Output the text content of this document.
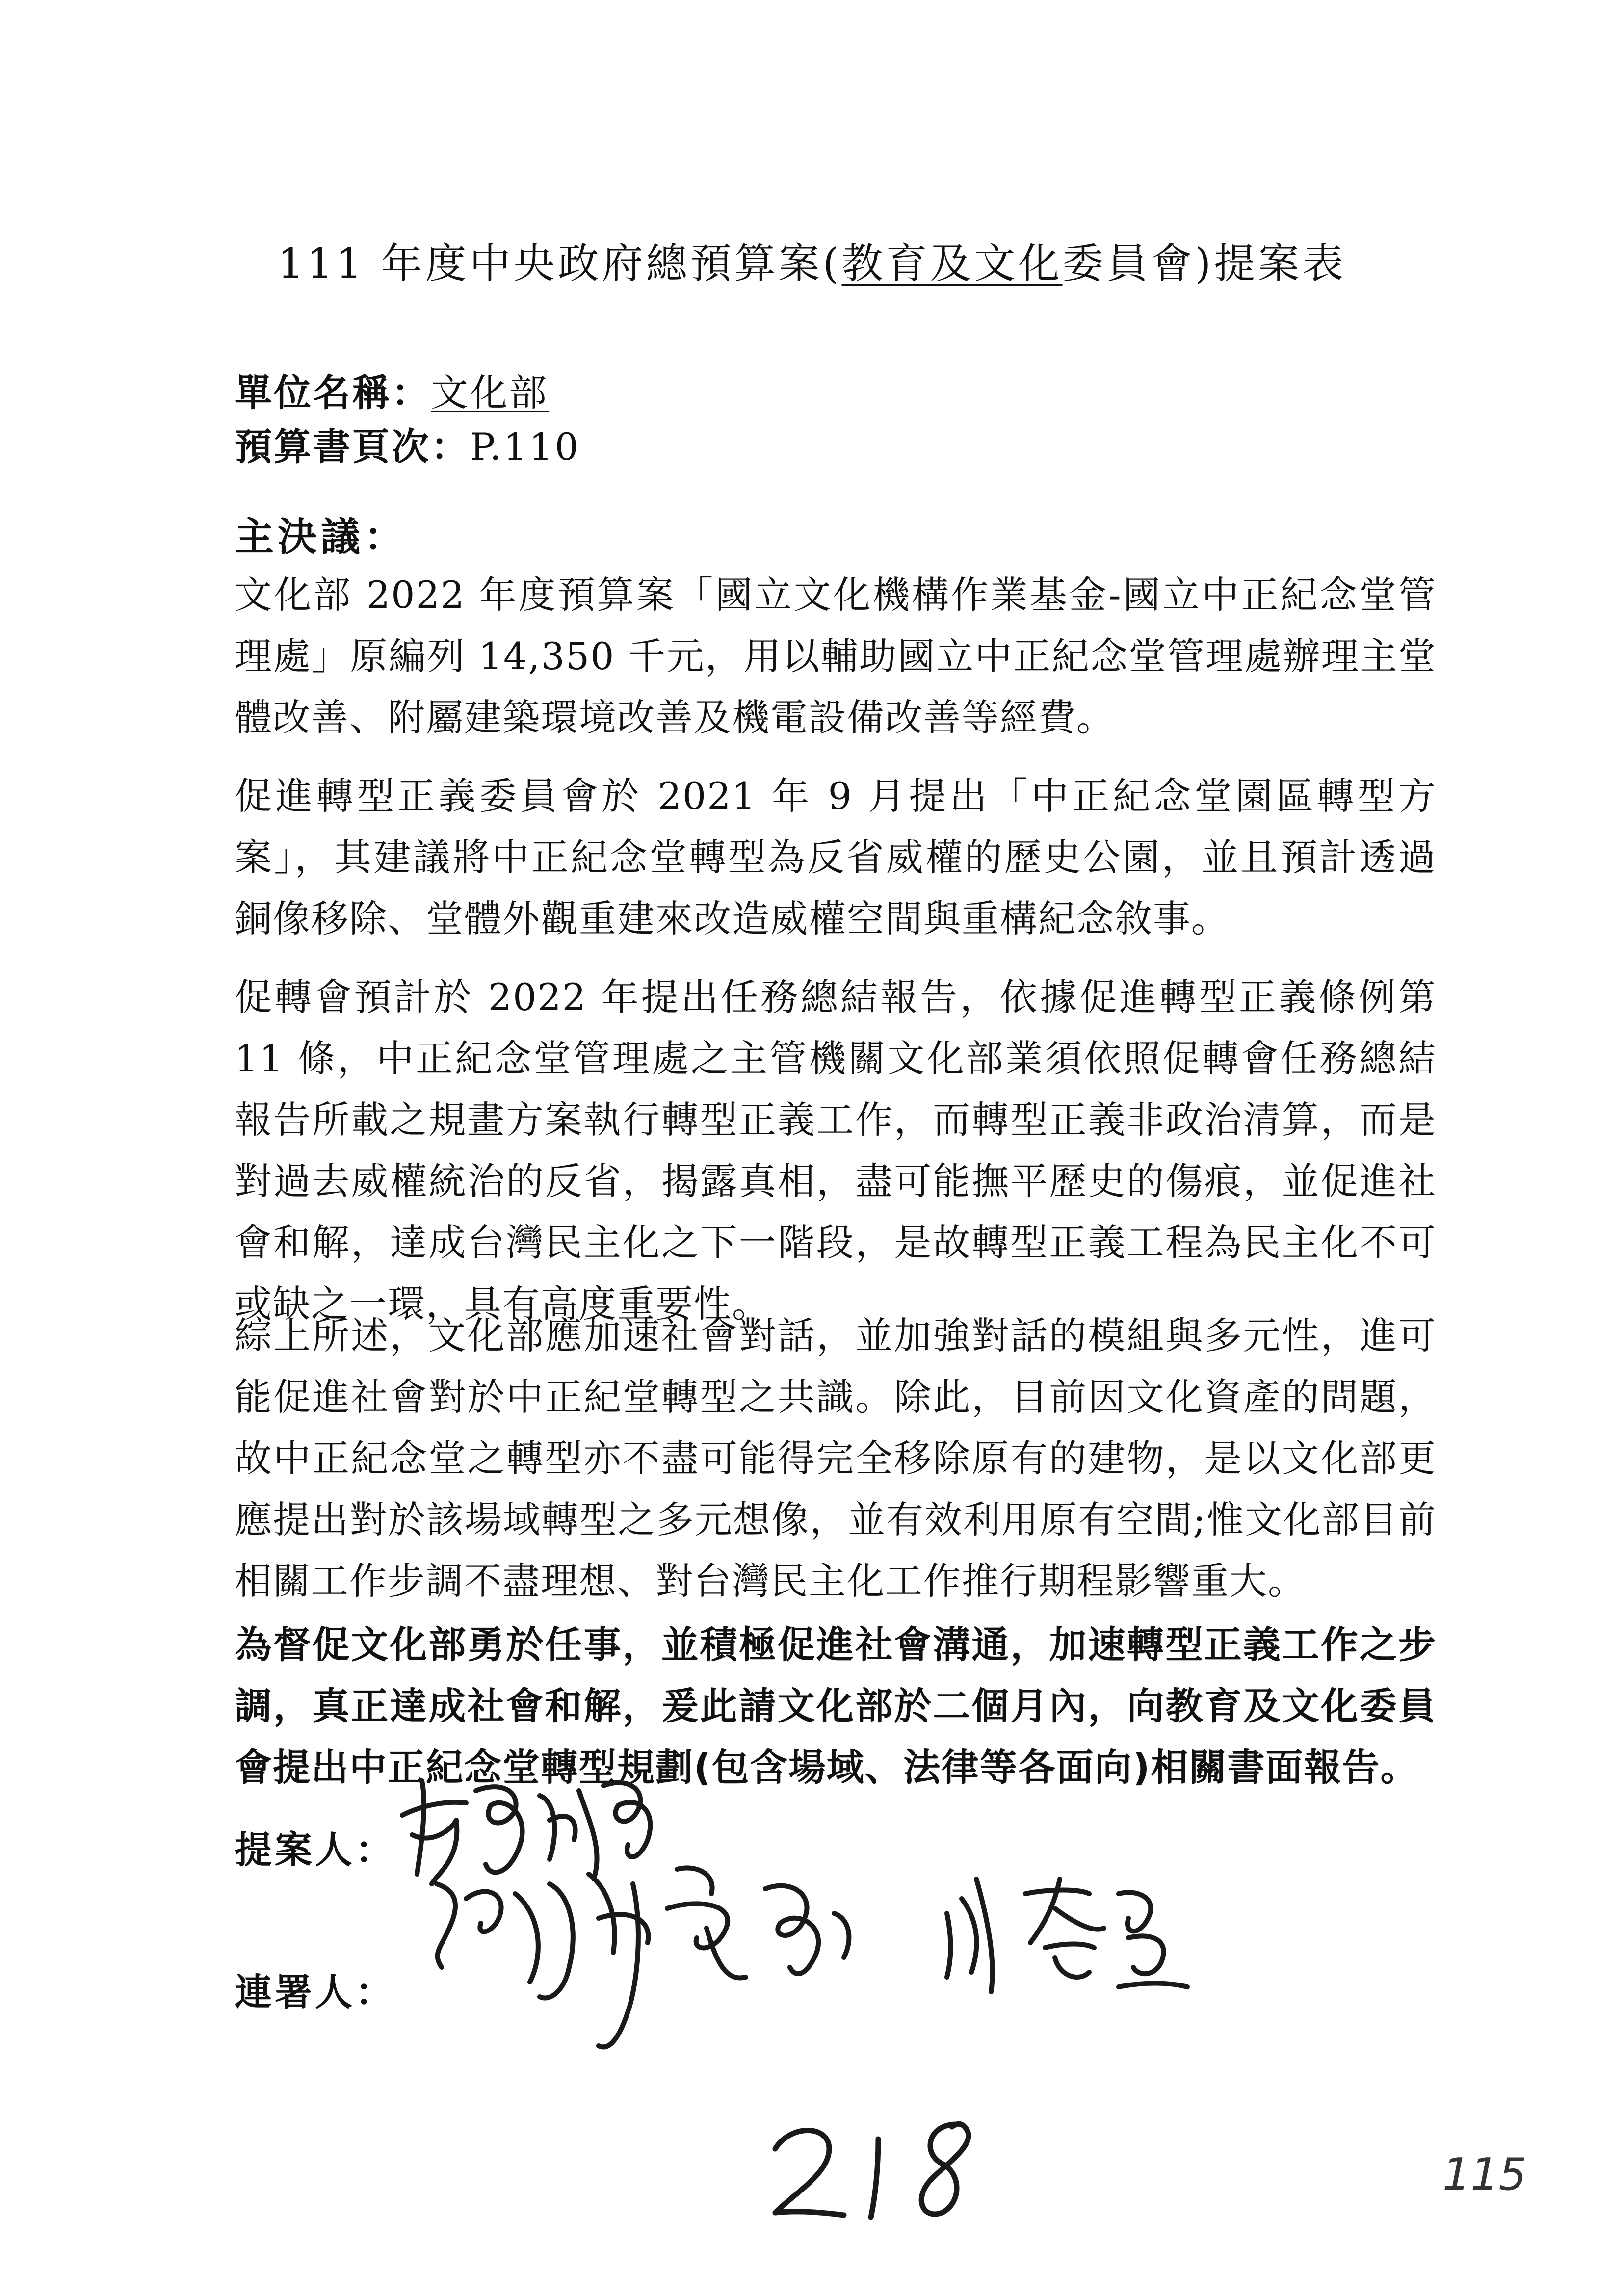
111 年度中央政府總預算案(教育及文化委員會)提案表
單位名稱：文化部
預算書頁次：P.110
主決議：

文化部 2022 年度預算案「國立文化機構作業基金-國立中正紀念堂管理處」原編列 14,350 千元，用以輔助國立中正紀念堂管理處辦理主堂體改善、附屬建築環境改善及機電設備改善等經費。

促進轉型正義委員會於 2021 年 9 月提出「中正紀念堂園區轉型方案」，其建議將中正紀念堂轉型為反省威權的歷史公園，並且預計透過銅像移除、堂體外觀重建來改造威權空間與重構紀念敘事。

促轉會預計於 2022 年提出任務總結報告，依據促進轉型正義條例第 11 條，中正紀念堂管理處之主管機關文化部業須依照促轉會任務總結報告所載之規畫方案執行轉型正義工作，而轉型正義非政治清算，而是對過去威權統治的反省，揭露真相，盡可能撫平歷史的傷痕，並促進社會和解，達成台灣民主化之下一階段，是故轉型正義工程為民主化不可或缺之一環，具有高度重要性。

綜上所述，文化部應加速社會對話，並加強對話的模組與多元性，進可能促進社會對於中正紀堂轉型之共識。除此，目前因文化資產的問題，故中正紀念堂之轉型亦不盡可能得完全移除原有的建物，是以文化部更應提出對於該場域轉型之多元想像，並有效利用原有空間;惟文化部目前相關工作步調不盡理想、對台灣民主化工作推行期程影響重大。

為督促文化部勇於任事，並積極促進社會溝通，加速轉型正義工作之步調，真正達成社會和解，爰此請文化部於二個月內，向教育及文化委員會提出中正紀念堂轉型規劃(包含場域、法律等各面向)相關書面報告。

提案人：
連署人：
115
